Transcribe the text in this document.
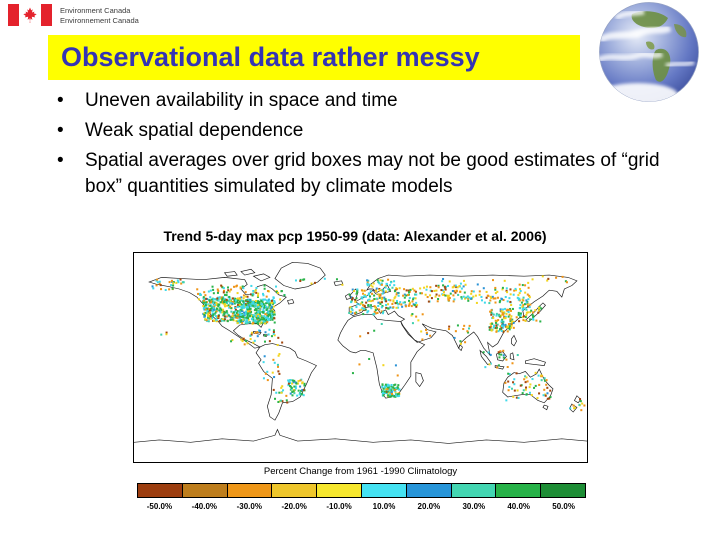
Environment Canada
Environnement Canada
Observational data rather messy
• Uneven availability in space and time
• Weak spatial dependence
• Spatial averages over grid boxes may not be good estimates of “grid box” quantities simulated by climate models
Trend 5-day max pcp 1950-99 (data: Alexander et al. 2006)
Percent Change from 1961 -1990 Climatology
-50.0%	-40.0%	-30.0%	-20.0%	-10.0%	10.0%	20.0%	30.0%	40.0%	50.0%
